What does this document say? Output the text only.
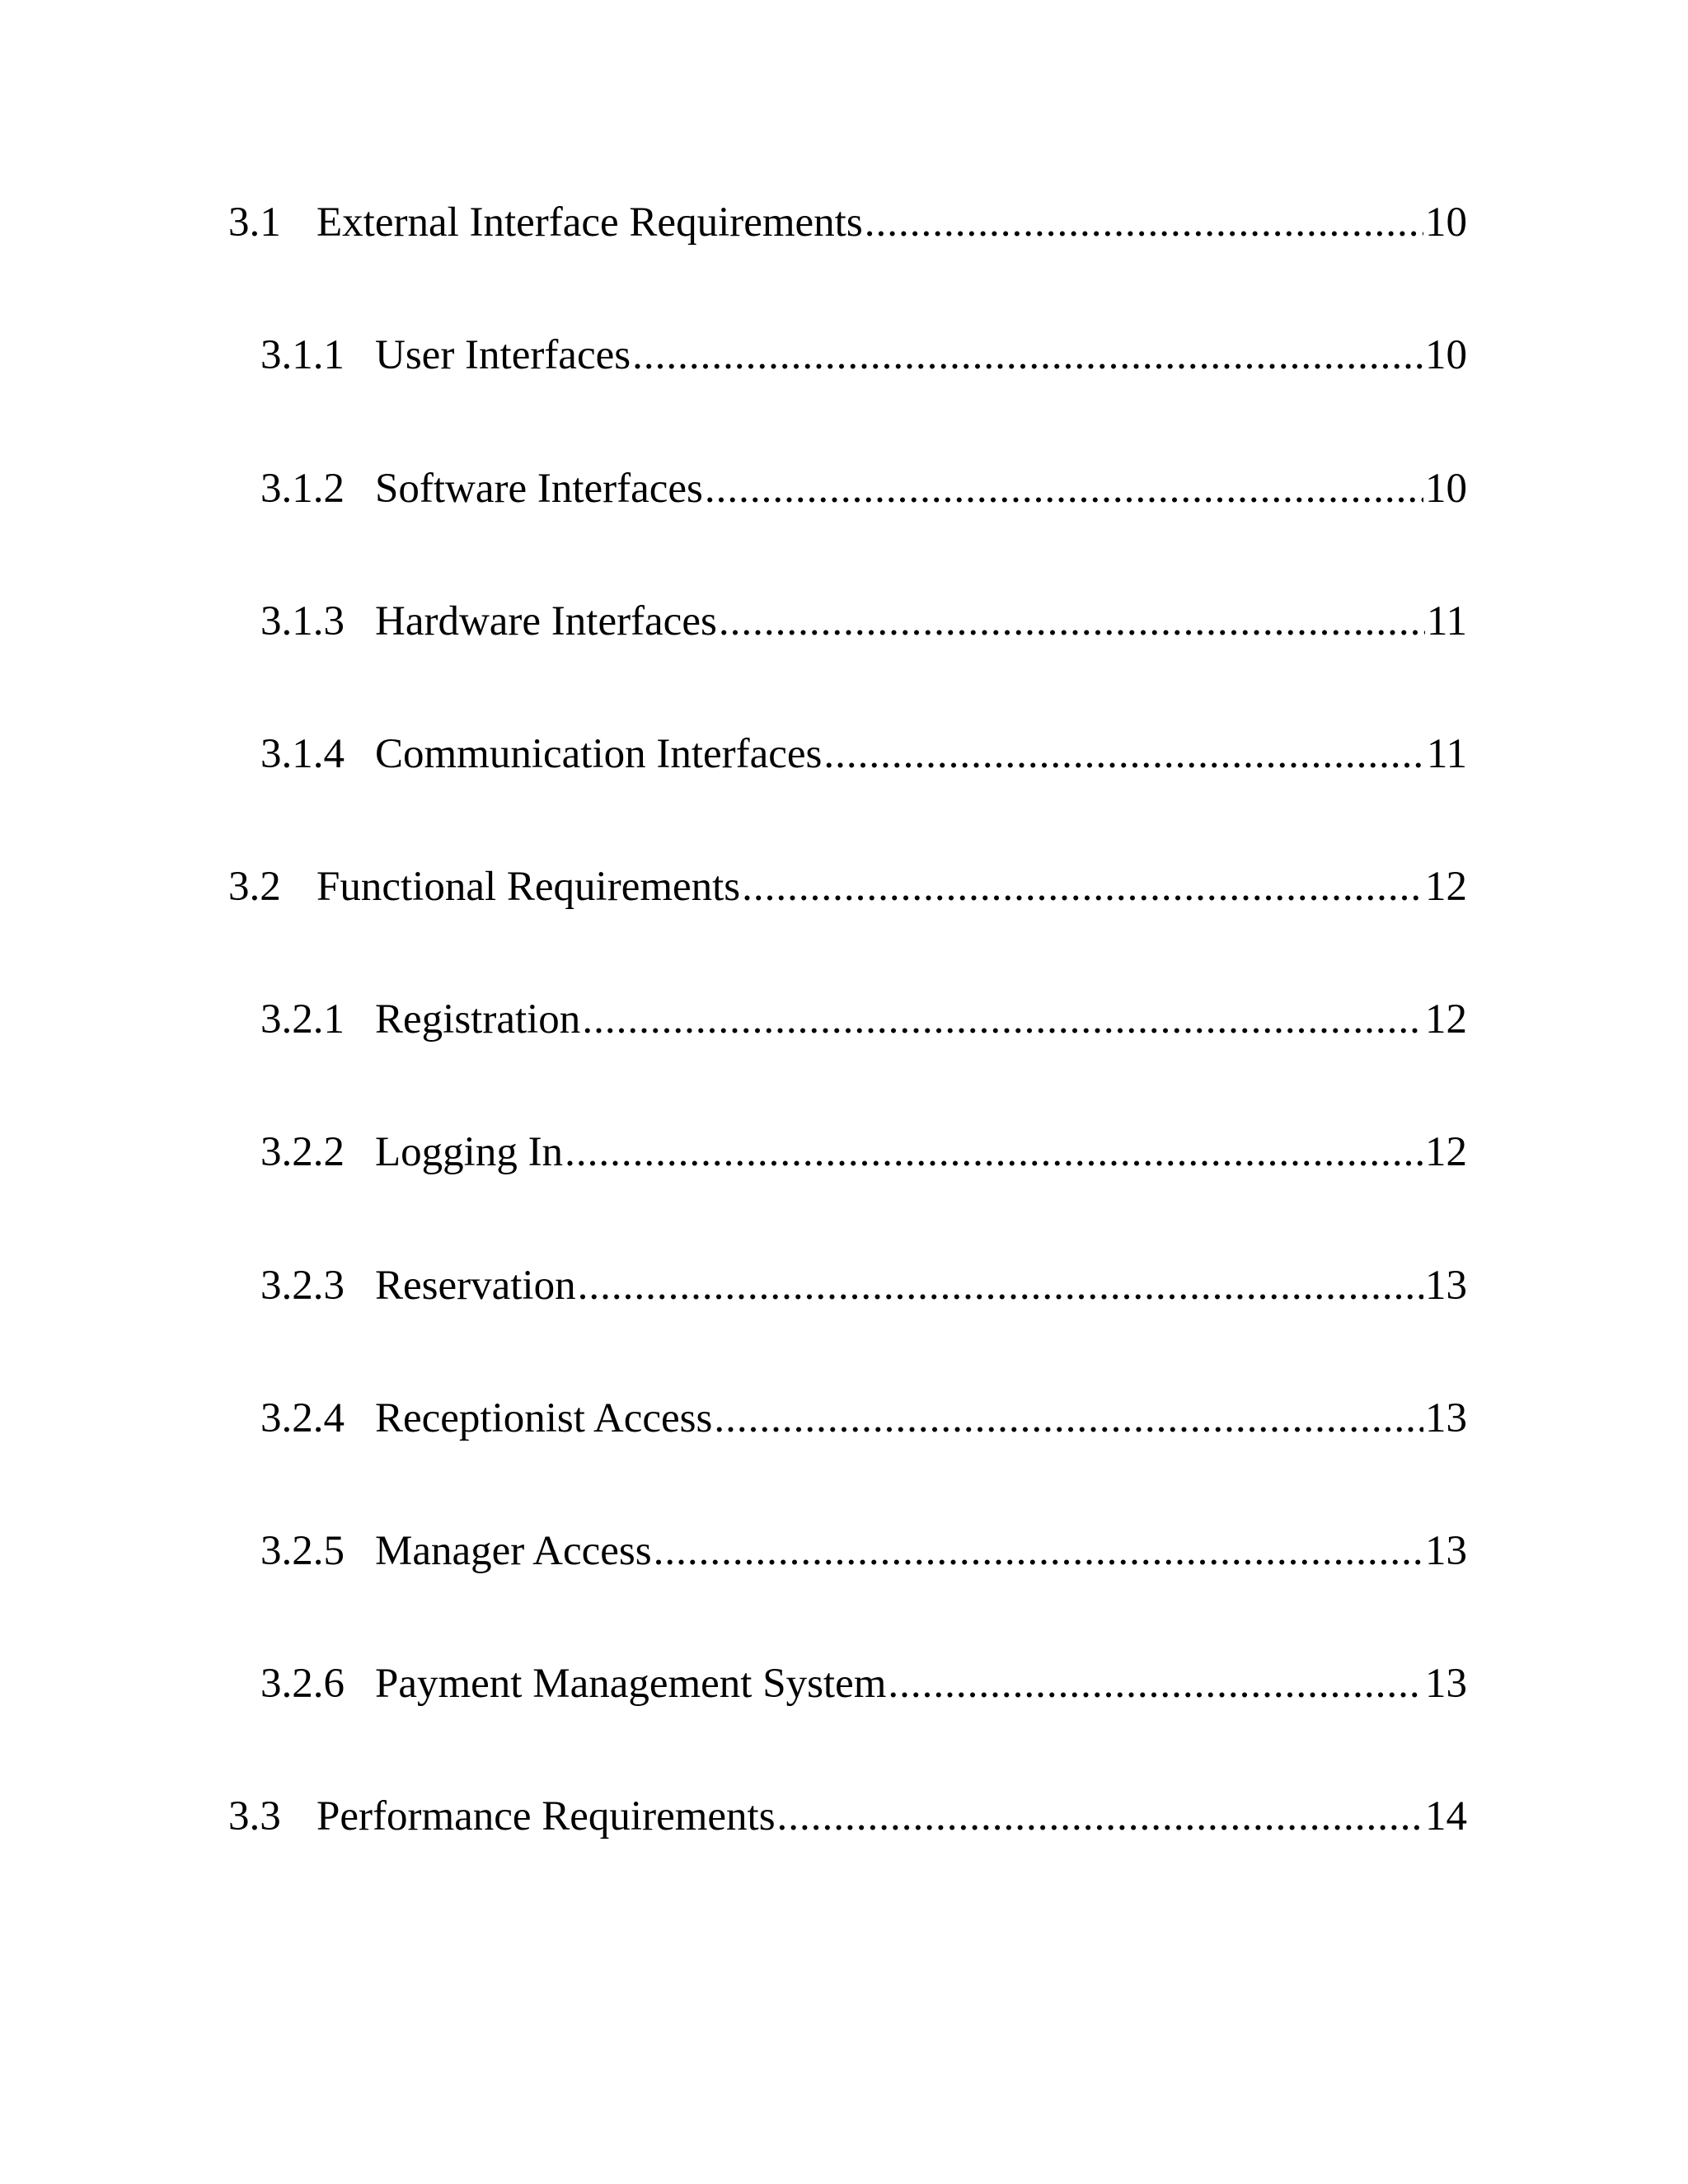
3.1 External Interface Requirements .....	10
3.1.1 User Interfaces .....	10
3.1.2 Software Interfaces .....	10
3.1.3 Hardware Interfaces .....	11
3.1.4 Communication Interfaces .....	11
3.2 Functional Requirements .....	12
3.2.1 Registration .....	12
3.2.2 Logging In .....	12
3.2.3 Reservation .....	13
3.2.4 Receptionist Access .....	13
3.2.5 Manager Access .....	13
3.2.6 Payment Management System .....	13
3.3 Performance Requirements .....	14
